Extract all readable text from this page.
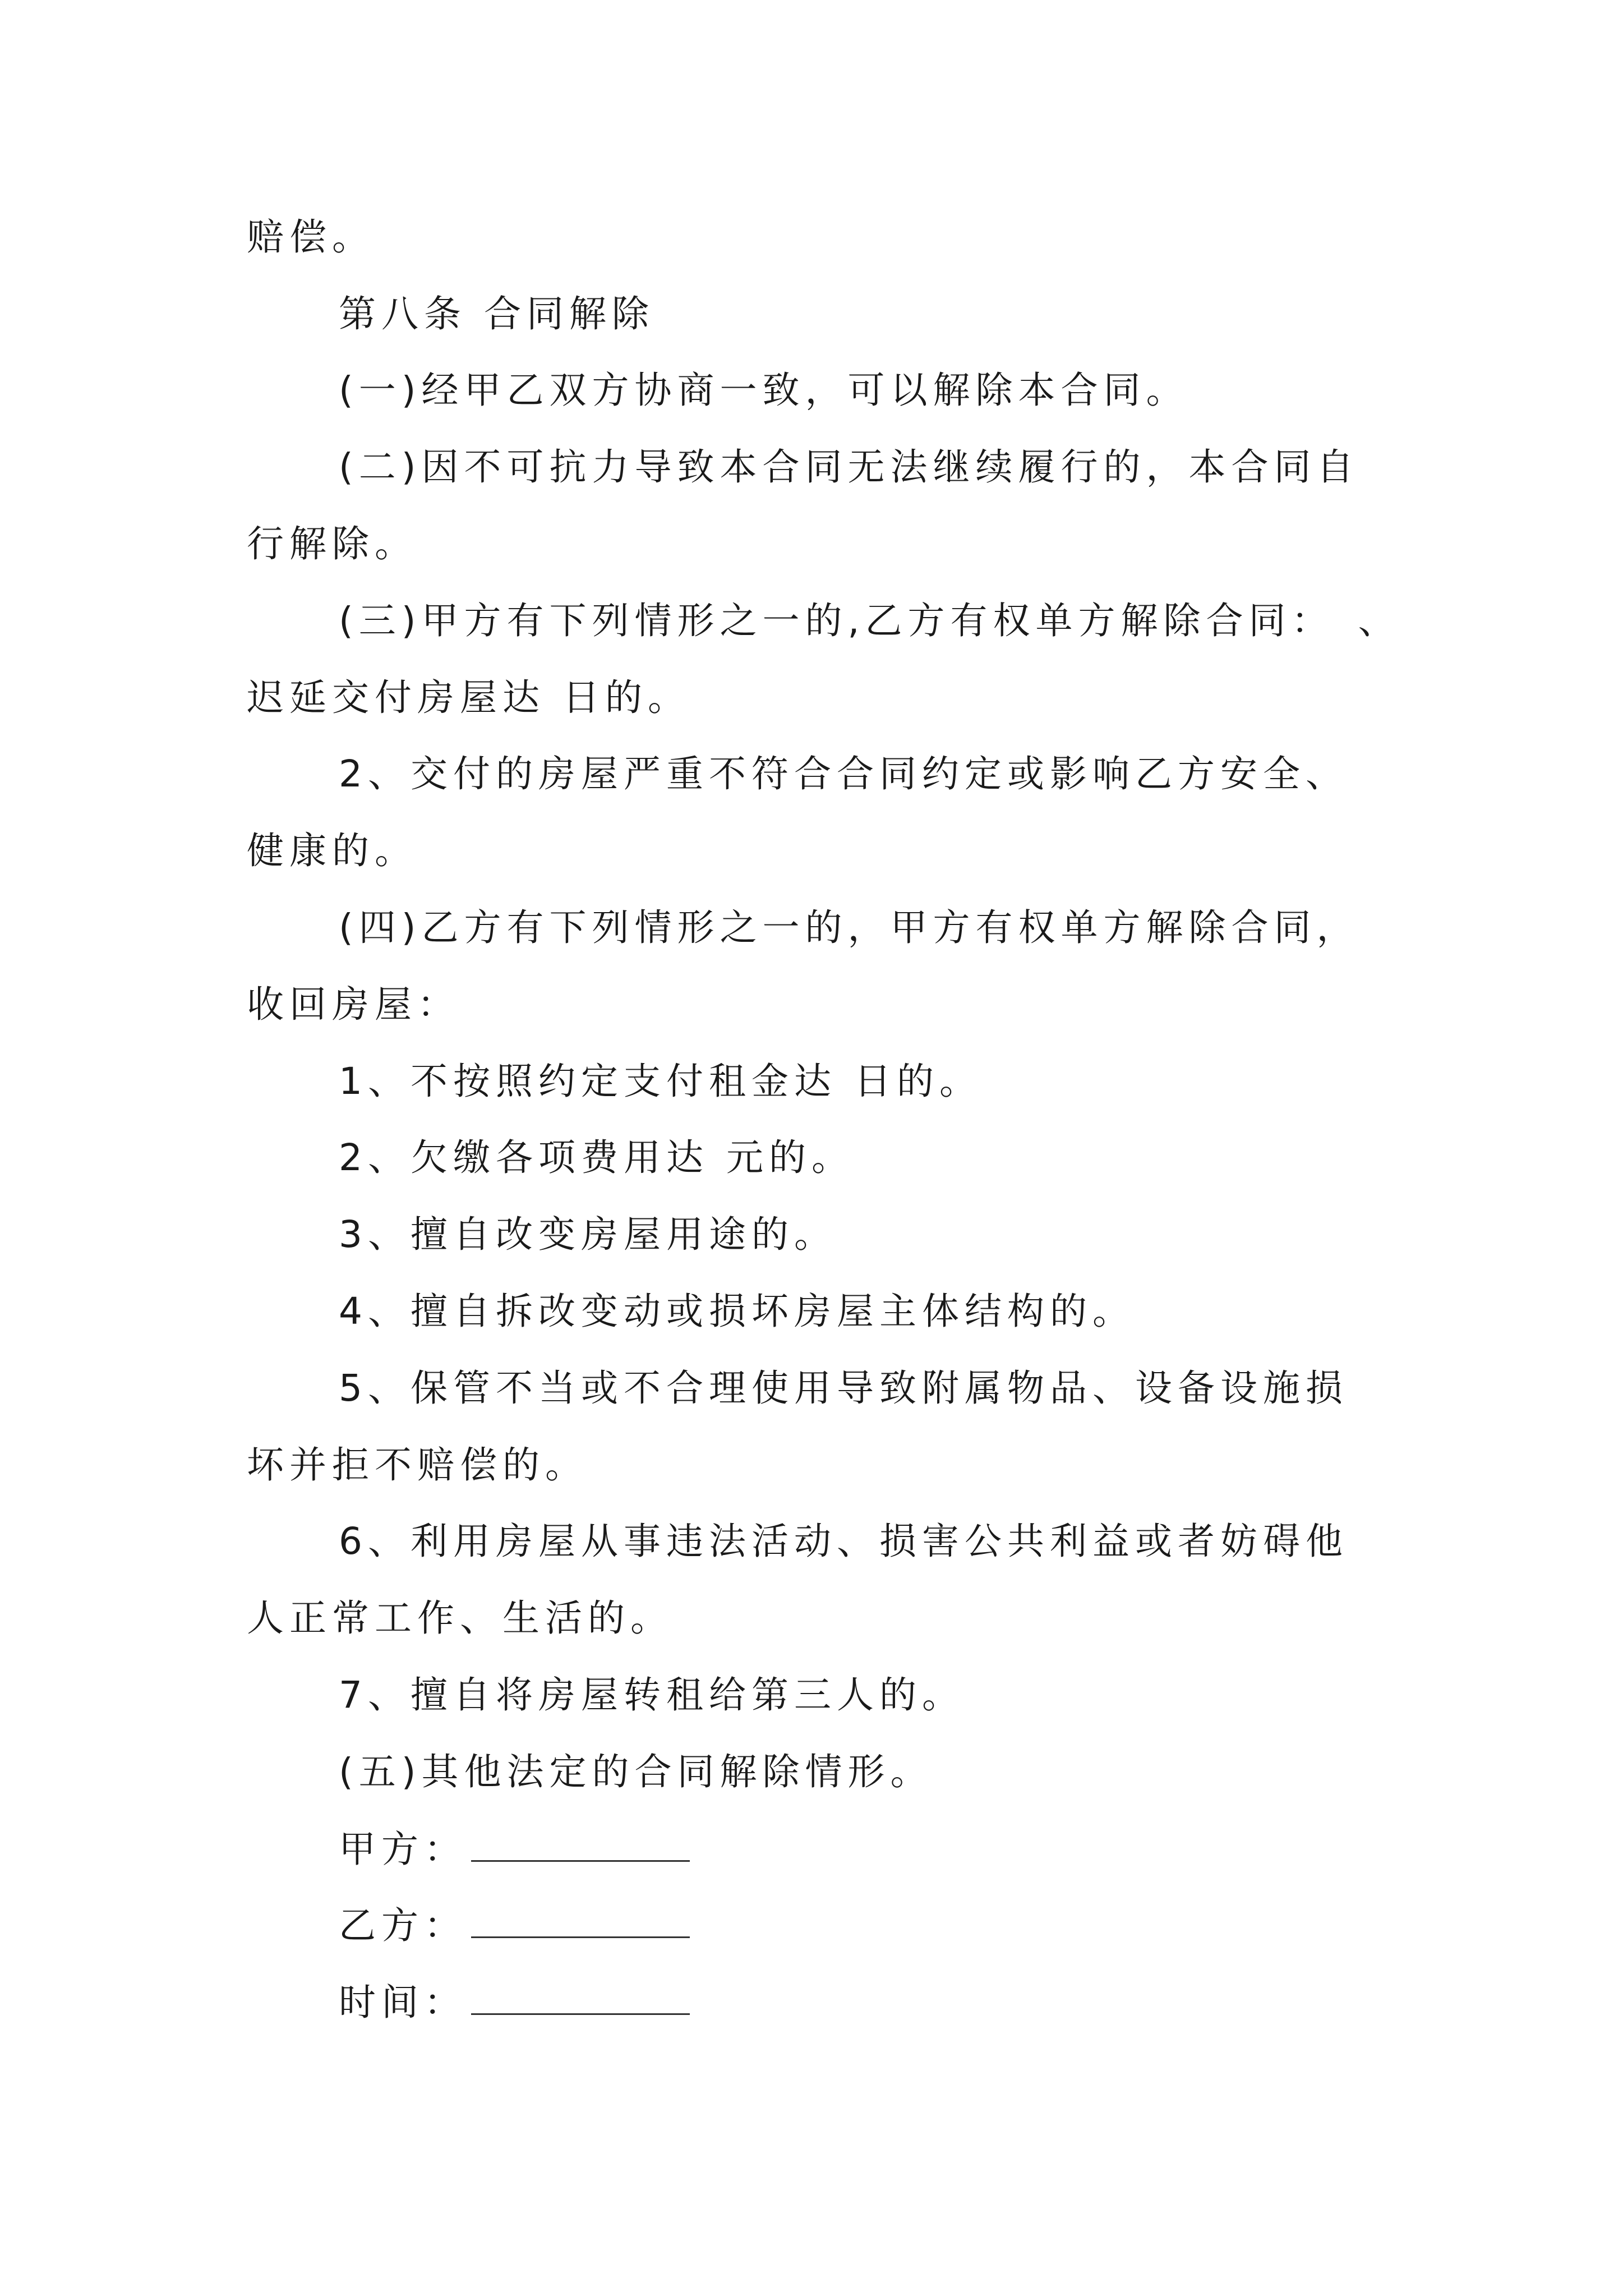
赔偿。
第八条 合同解除
(一)经甲乙双方协商一致，可以解除本合同。
(二)因不可抗力导致本合同无法继续履行的，本合同自
行解除。
(三)甲方有下列情形之一的,乙方有权单方解除合同：　、
迟延交付房屋达 日的。
2、交付的房屋严重不符合合同约定或影响乙方安全、
健康的。
(四)乙方有下列情形之一的，甲方有权单方解除合同，
收回房屋：
1、不按照约定支付租金达 日的。
2、欠缴各项费用达 元的。
3、擅自改变房屋用途的。
4、擅自拆改变动或损坏房屋主体结构的。
5、保管不当或不合理使用导致附属物品、设备设施损
坏并拒不赔偿的。
6、利用房屋从事违法活动、损害公共利益或者妨碍他
人正常工作、生活的。
7、擅自将房屋转租给第三人的。
(五)其他法定的合同解除情形。
甲方：
乙方：
时间：
